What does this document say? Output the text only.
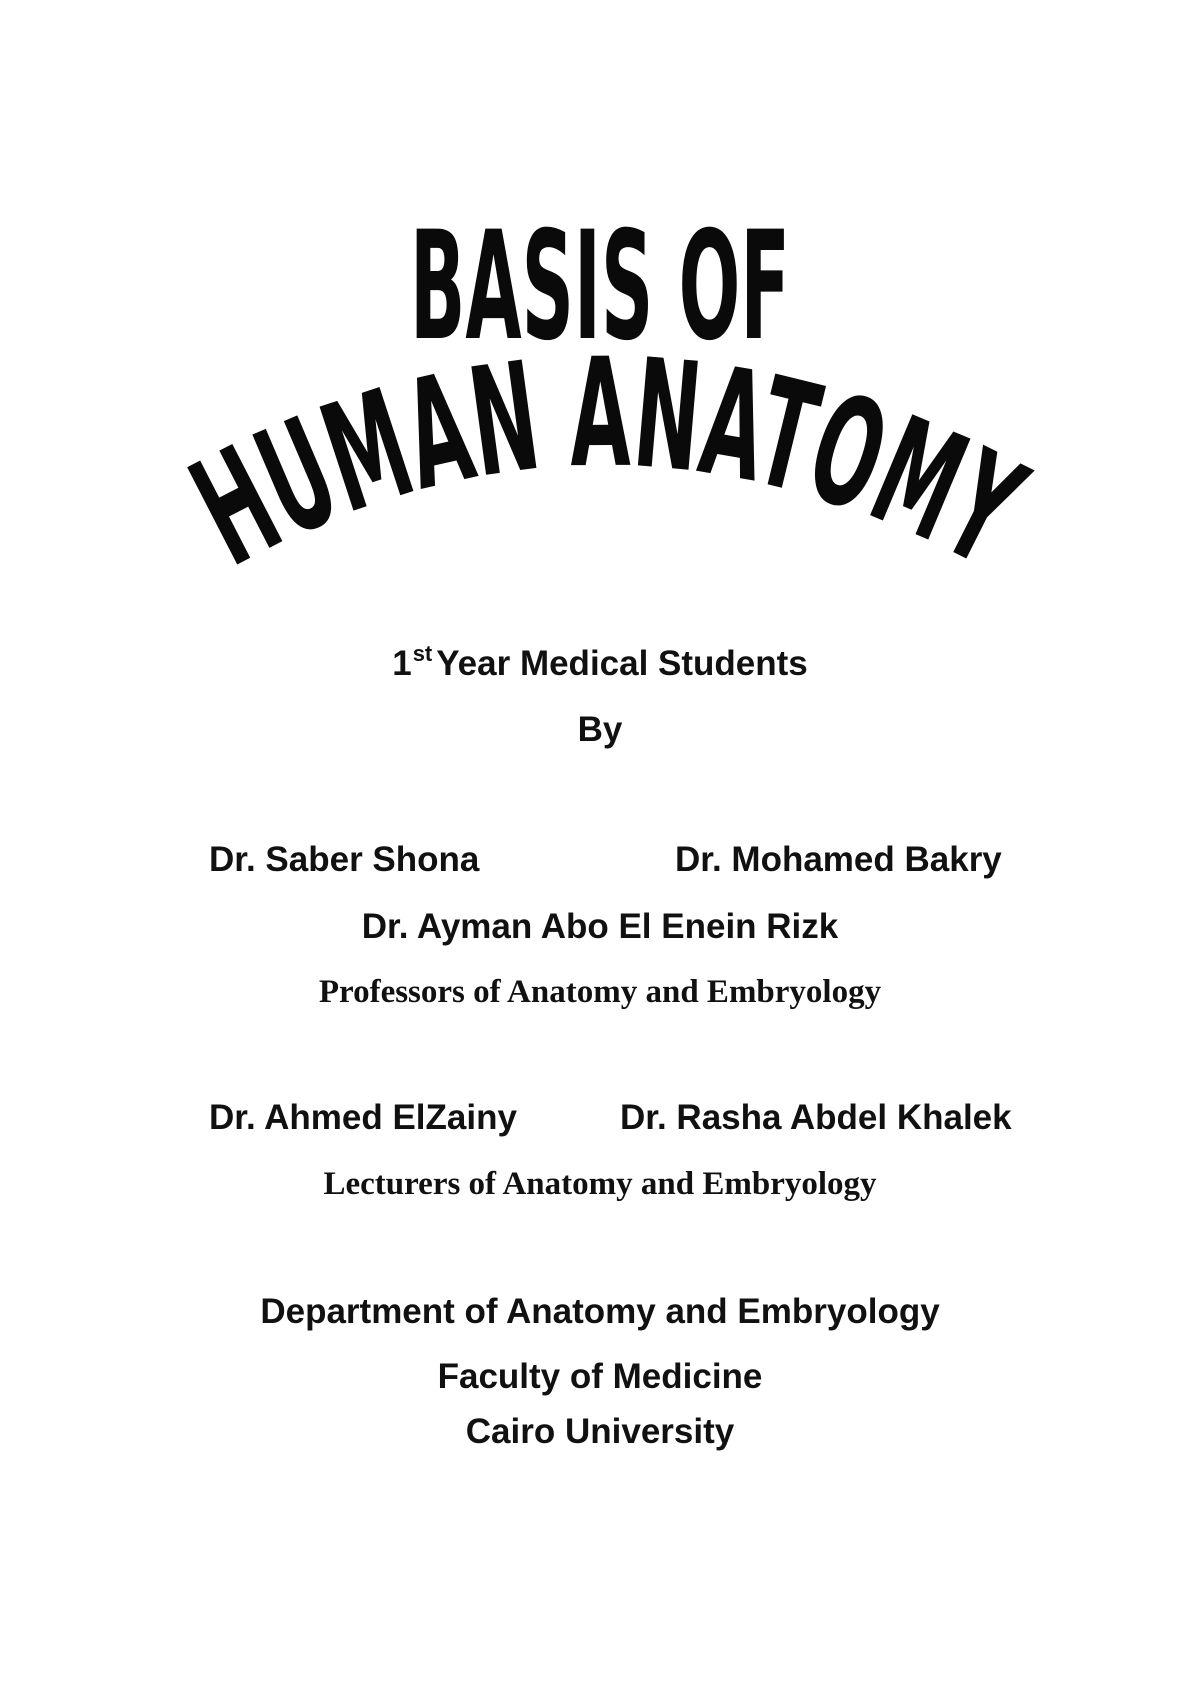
BASIS OF
HUMAN ANATOMY
1st Year Medical Students
By
Dr. Saber Shona	Dr. Mohamed Bakry
Dr. Ayman Abo El Enein Rizk
Professors of Anatomy and Embryology
Dr. Ahmed ElZainy	Dr. Rasha Abdel Khalek
Lecturers of Anatomy and Embryology
Department of Anatomy and Embryology
Faculty of Medicine
Cairo University
